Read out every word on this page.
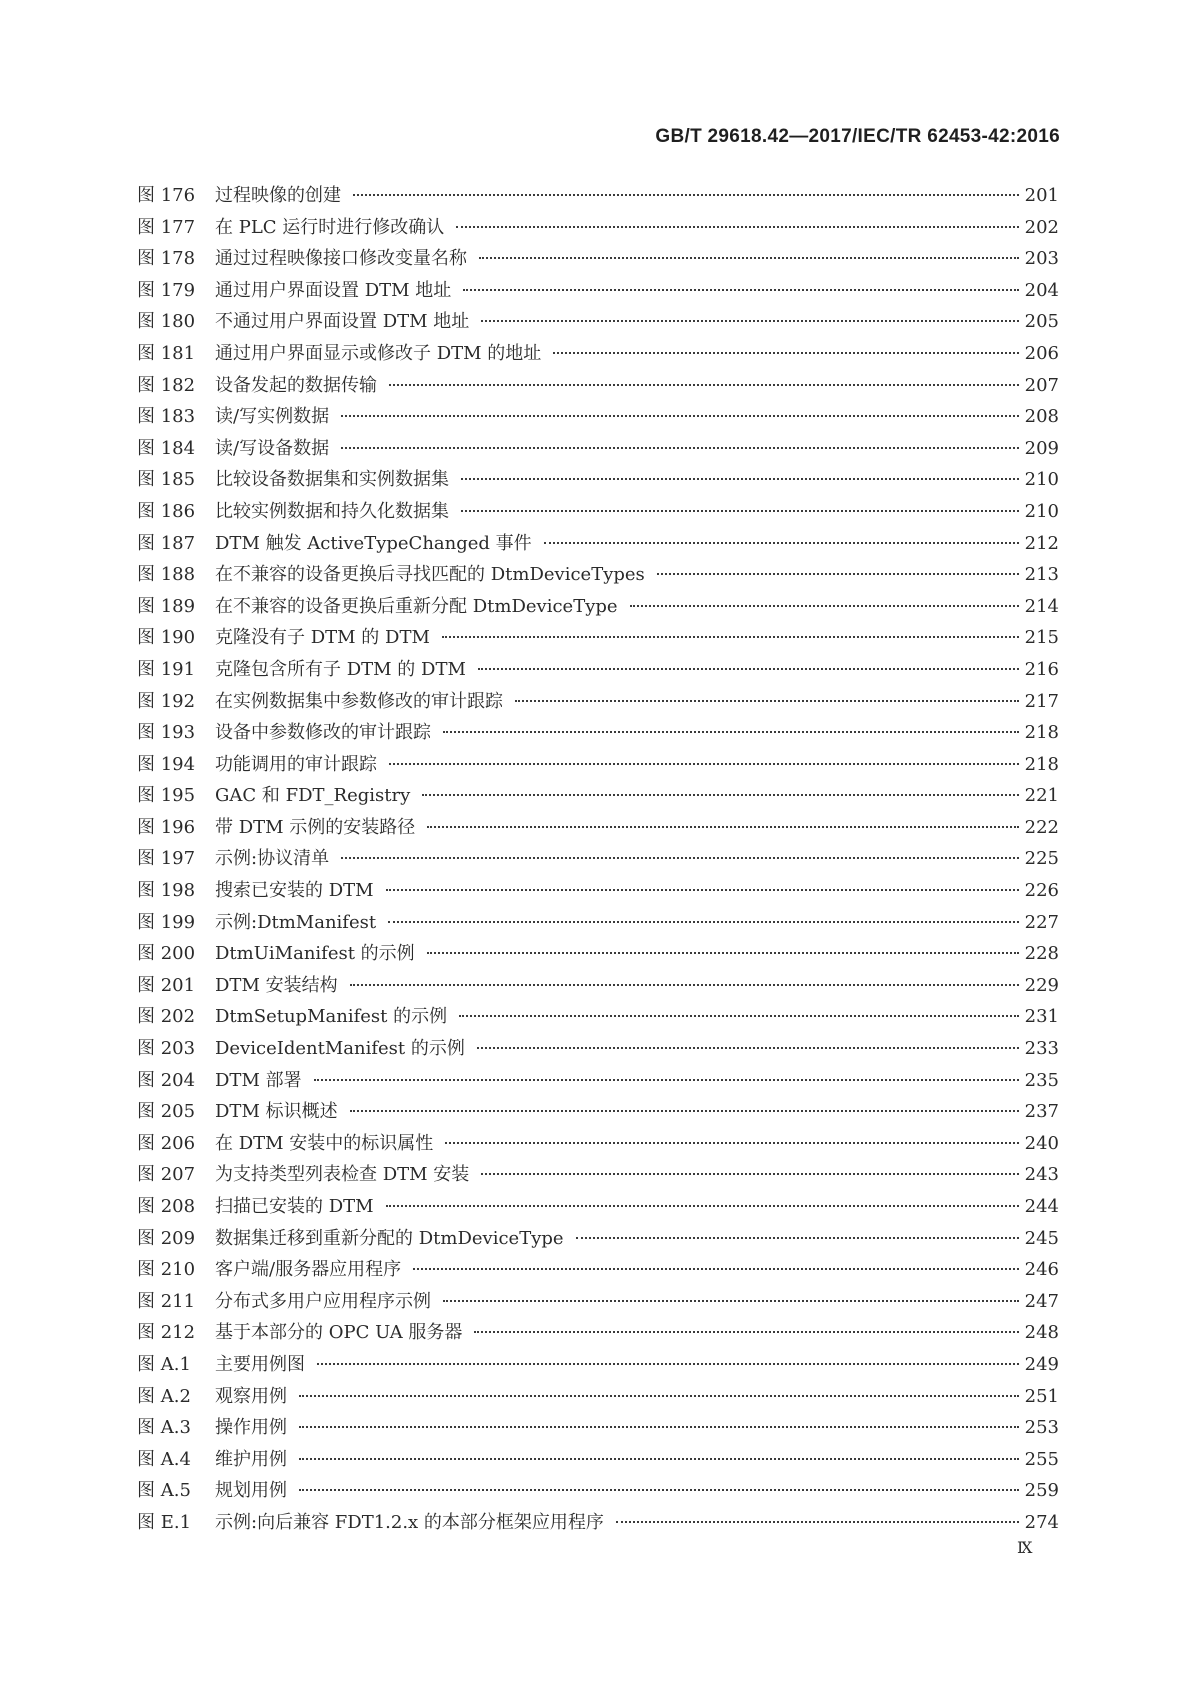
GB/T 29618.42—2017/IEC/TR 62453-42:2016
图 176	过程映像的创建	201
图 177	在 PLC 运行时进行修改确认	202
图 178	通过过程映像接口修改变量名称	203
图 179	通过用户界面设置 DTM 地址	204
图 180	不通过用户界面设置 DTM 地址	205
图 181	通过用户界面显示或修改子 DTM 的地址	206
图 182	设备发起的数据传输	207
图 183	读/写实例数据	208
图 184	读/写设备数据	209
图 185	比较设备数据集和实例数据集	210
图 186	比较实例数据和持久化数据集	210
图 187	DTM 触发 ActiveTypeChanged 事件	212
图 188	在不兼容的设备更换后寻找匹配的 DtmDeviceTypes	213
图 189	在不兼容的设备更换后重新分配 DtmDeviceType	214
图 190	克隆没有子 DTM 的 DTM	215
图 191	克隆包含所有子 DTM 的 DTM	216
图 192	在实例数据集中参数修改的审计跟踪	217
图 193	设备中参数修改的审计跟踪	218
图 194	功能调用的审计跟踪	218
图 195	GAC 和 FDT_Registry	221
图 196	带 DTM 示例的安装路径	222
图 197	示例:协议清单	225
图 198	搜索已安装的 DTM	226
图 199	示例:DtmManifest	227
图 200	DtmUiManifest 的示例	228
图 201	DTM 安装结构	229
图 202	DtmSetupManifest 的示例	231
图 203	DeviceIdentManifest 的示例	233
图 204	DTM 部署	235
图 205	DTM 标识概述	237
图 206	在 DTM 安装中的标识属性	240
图 207	为支持类型列表检查 DTM 安装	243
图 208	扫描已安装的 DTM	244
图 209	数据集迁移到重新分配的 DtmDeviceType	245
图 210	客户端/服务器应用程序	246
图 211	分布式多用户应用程序示例	247
图 212	基于本部分的 OPC UA 服务器	248
图 A.1	主要用例图	249
图 A.2	观察用例	251
图 A.3	操作用例	253
图 A.4	维护用例	255
图 A.5	规划用例	259
图 E.1	示例:向后兼容 FDT1.2.x 的本部分框架应用程序	274
Ⅸ
